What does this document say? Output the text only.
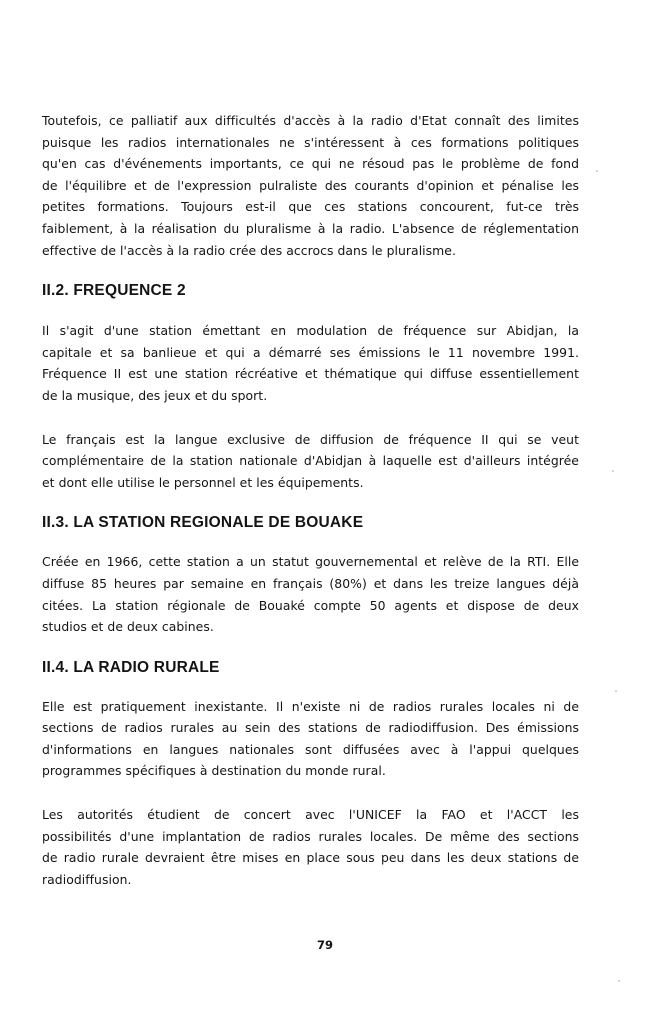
Toutefois, ce palliatif aux difficultés d'accès à la radio d'Etat connaît des limites
puisque les radios internationales ne s'intéressent à ces formations politiques
qu'en cas d'événements importants, ce qui ne résoud pas le problème de fond
de l'équilibre et de l'expression pulraliste des courants d'opinion et pénalise les
petites formations. Toujours est-il que ces stations concourent, fut-ce très
faiblement, à la réalisation du pluralisme à la radio. L'absence de réglementation
effective de l'accès à la radio crée des accrocs dans le pluralisme.

II.2. FREQUENCE 2

Il s'agit d'une station émettant en modulation de fréquence sur Abidjan, la
capitale et sa banlieue et qui a démarré ses émissions le 11 novembre 1991.
Fréquence II est une station récréative et thématique qui diffuse essentiellement
de la musique, des jeux et du sport.

Le français est la langue exclusive de diffusion de fréquence II qui se veut
complémentaire de la station nationale d'Abidjan à laquelle est d'ailleurs intégrée
et dont elle utilise le personnel et les équipements.

II.3. LA STATION REGIONALE DE BOUAKE

Créée en 1966, cette station a un statut gouvernemental et relève de la RTI. Elle
diffuse 85 heures par semaine en français (80%) et dans les treize langues déjà
citées. La station régionale de Bouaké compte 50 agents et dispose de deux
studios et de deux cabines.

II.4. LA RADIO RURALE

Elle est pratiquement inexistante. Il n'existe ni de radios rurales locales ni de
sections de radios rurales au sein des stations de radiodiffusion. Des émissions
d'informations en langues nationales sont diffusées avec à l'appui quelques
programmes spécifiques à destination du monde rural.

Les autorités étudient de concert avec l'UNICEF la FAO et l'ACCT les
possibilités d'une implantation de radios rurales locales. De même des sections
de radio rurale devraient être mises en place sous peu dans les deux stations de
radiodiffusion.

79
